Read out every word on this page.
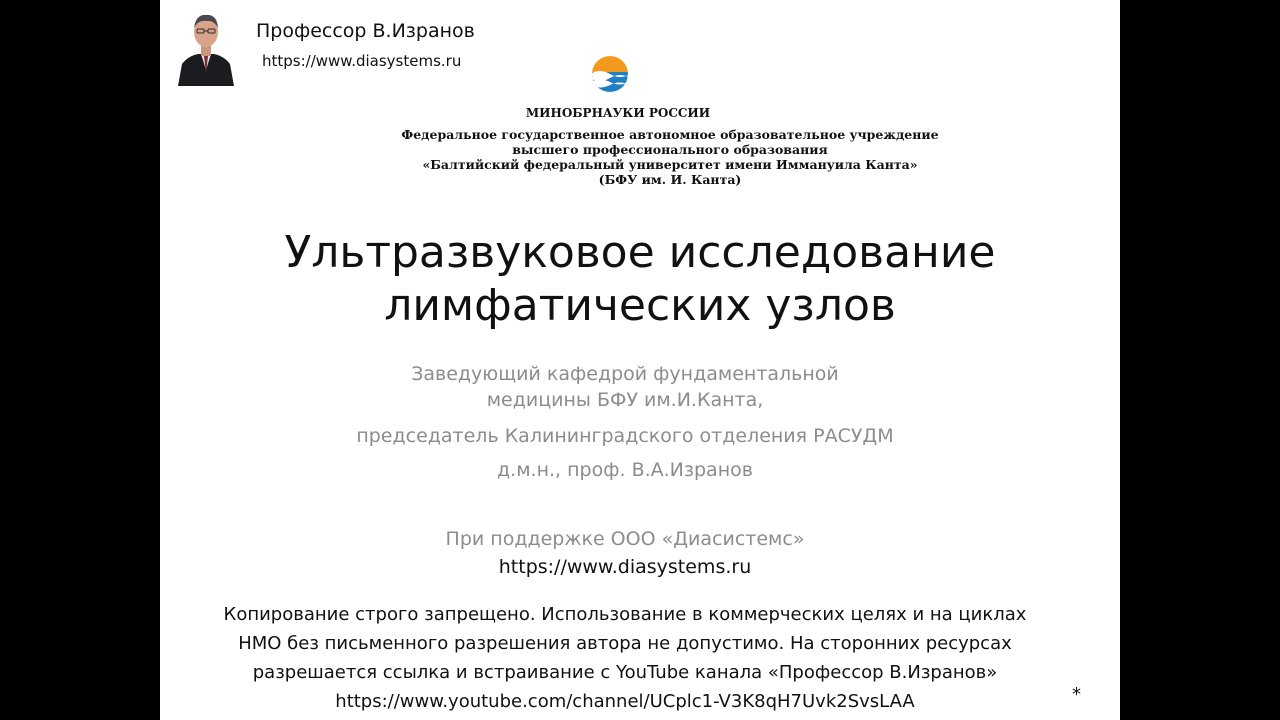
Профессор В.Изранов
https://www.diasystems.ru
МИНОБРНАУКИ РОССИИ
Федеральное государственное автономное образовательное учреждение
высшего профессионального образования
«Балтийский федеральный университет имени Иммануила Канта»
(БФУ им. И. Канта)
Ультразвуковое исследование
лимфатических узлов
Заведующий кафедрой фундаментальной
медицины БФУ им.И.Канта,
председатель Калининградского отделения РАСУДМ
д.м.н., проф. В.А.Изранов
При поддержке ООО «Диасистемс»
https://www.diasystems.ru
Копирование строго запрещено. Использование в коммерческих целях и на циклах
НМО без письменного разрешения автора не допустимо. На сторонних ресурсах
разрешается ссылка и встраивание с YouTube канала «Профессор В.Изранов»
https://www.youtube.com/channel/UCplc1-V3K8qH7Uvk2SvsLAA	*
